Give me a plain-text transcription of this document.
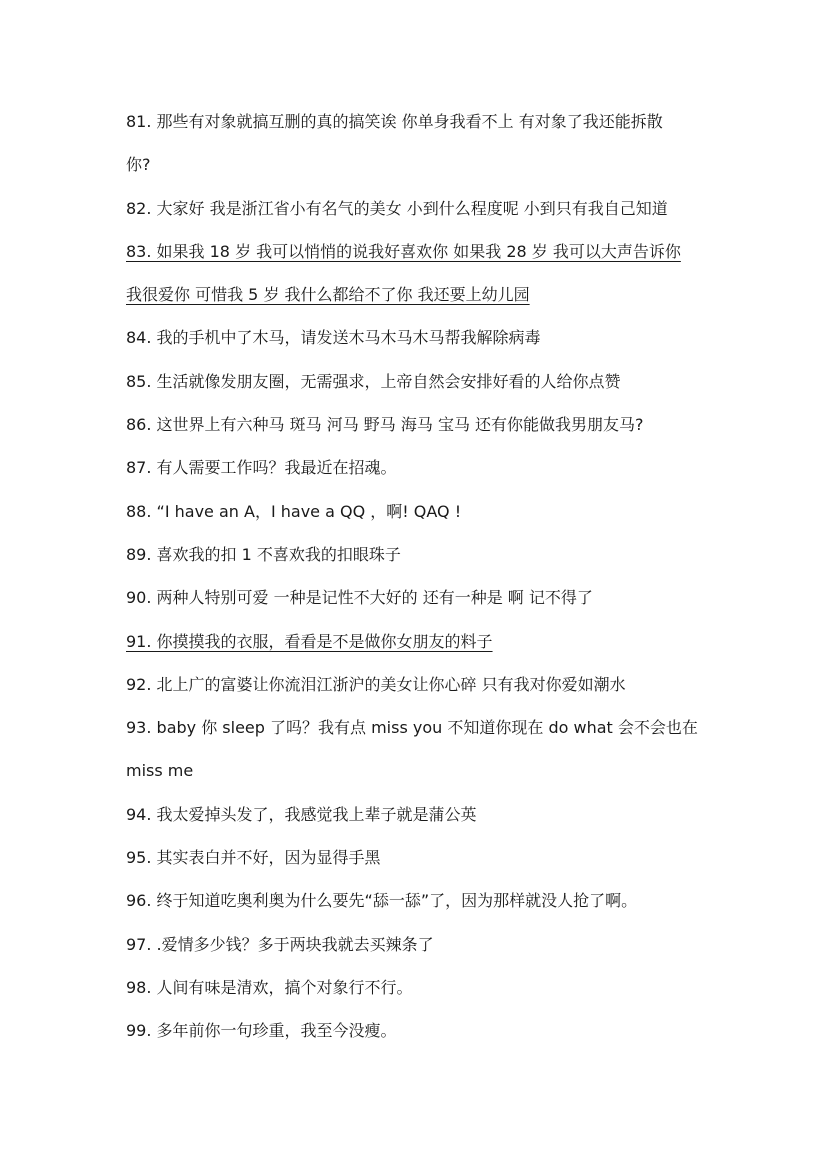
81. 那些有对象就搞互删的真的搞笑诶 你单身我看不上 有对象了我还能拆散
你?
82. 大家好 我是浙江省小有名气的美女 小到什么程度呢 小到只有我自己知道
83. 如果我 18 岁 我可以悄悄的说我好喜欢你 如果我 28 岁 我可以大声告诉你
我很爱你 可惜我 5 岁 我什么都给不了你 我还要上幼儿园
84. 我的手机中了木马，请发送木马木马木马帮我解除病毒
85. 生活就像发朋友圈，无需强求，上帝自然会安排好看的人给你点赞
86. 这世界上有六种马 斑马 河马 野马 海马 宝马 还有你能做我男朋友马?
87. 有人需要工作吗？我最近在招魂。
88. “I have an A，I have a QQ ，啊! QAQ !
89. 喜欢我的扣 1 不喜欢我的扣眼珠子
90. 两种人特别可爱 一种是记性不大好的 还有一种是 啊 记不得了
91. 你摸摸我的衣服，看看是不是做你女朋友的料子
92. 北上广的富婆让你流泪江浙沪的美女让你心碎 只有我对你爱如潮水
93. baby 你 sleep 了吗？我有点 miss you 不知道你现在 do what 会不会也在
miss me
94. 我太爱掉头发了，我感觉我上辈子就是蒲公英
95. 其实表白并不好，因为显得手黑
96. 终于知道吃奥利奥为什么要先“舔一舔”了，因为那样就没人抢了啊。
97. .爱情多少钱？多于两块我就去买辣条了
98. 人间有味是清欢，搞个对象行不行。
99. 多年前你一句珍重，我至今没瘦。
